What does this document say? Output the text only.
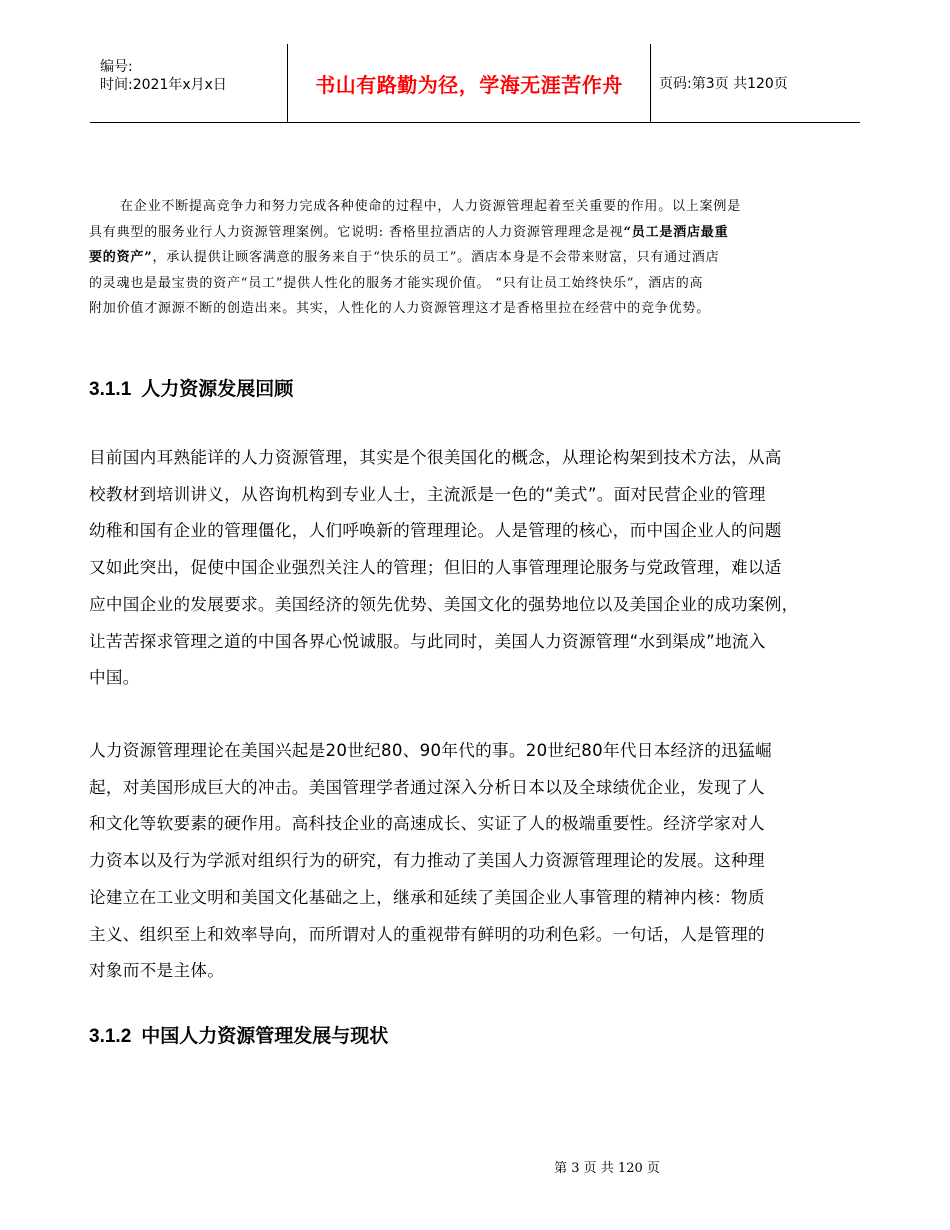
编号:
时间:2021年x月x日	书山有路勤为径，学海无涯苦作舟	页码:第3页 共120页
在企业不断提高竞争力和努力完成各种使命的过程中，人力资源管理起着至关重要的作用。以上案例是
具有典型的服务业行人力资源管理案例。它说明: 香格里拉酒店的人力资源管理理念是视“员工是酒店最重
要的资产”，承认提供让顾客满意的服务来自于“快乐的员工”。酒店本身是不会带来财富，只有通过酒店
的灵魂也是最宝贵的资产“员工”提供人性化的服务才能实现价值。 “只有让员工始终快乐”，酒店的高
附加价值才源源不断的创造出来。其实，人性化的人力资源管理这才是香格里拉在经营中的竞争优势。
3.1.1 人力资源发展回顾
目前国内耳熟能详的人力资源管理，其实是个很美国化的概念，从理论构架到技术方法，从高
校教材到培训讲义，从咨询机构到专业人士，主流派是一色的“美式”。面对民营企业的管理
幼稚和国有企业的管理僵化，人们呼唤新的管理理论。人是管理的核心，而中国企业人的问题
又如此突出，促使中国企业强烈关注人的管理；但旧的人事管理理论服务与党政管理，难以适
应中国企业的发展要求。美国经济的领先优势、美国文化的强势地位以及美国企业的成功案例，
让苦苦探求管理之道的中国各界心悦诚服。与此同时，美国人力资源管理“水到渠成”地流入
中国。
人力资源管理理论在美国兴起是20世纪80、90年代的事。20世纪80年代日本经济的迅猛崛
起，对美国形成巨大的冲击。美国管理学者通过深入分析日本以及全球绩优企业，发现了人
和文化等软要素的硬作用。高科技企业的高速成长、实证了人的极端重要性。经济学家对人
力资本以及行为学派对组织行为的研究，有力推动了美国人力资源管理理论的发展。这种理
论建立在工业文明和美国文化基础之上，继承和延续了美国企业人事管理的精神内核：物质
主义、组织至上和效率导向，而所谓对人的重视带有鲜明的功利色彩。一句话，人是管理的
对象而不是主体。
3.1.2 中国人力资源管理发展与现状
第 3 页 共 120 页
